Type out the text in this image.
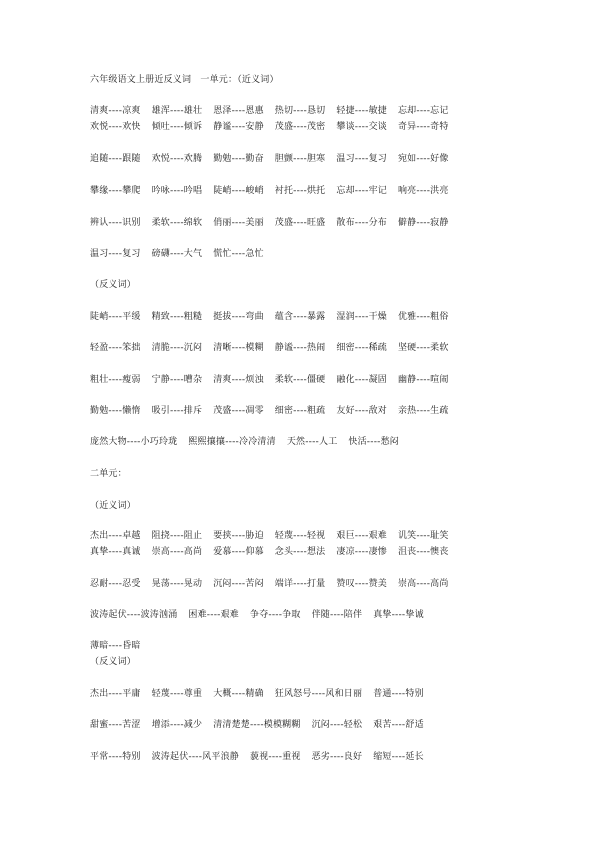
六年级语文上册近反义词　一单元：（近义词）
清爽----凉爽 雄浑----雄壮 恩泽----恩惠 热切----恳切 轻捷----敏捷 忘却----忘记
欢悦----欢快 倾吐----倾诉 静谧----安静 茂盛----茂密 攀谈----交谈 奇异----奇特
追随----跟随 欢悦----欢腾 勤勉----勤奋 胆颤----胆寒 温习----复习 宛如----好像
攀缘----攀爬 吟咏----吟唱 陡峭----峻峭 衬托----烘托 忘却----牢记 响亮----洪亮
辨认----识别 柔软----绵软 俏丽----美丽 茂盛----旺盛 散布----分布 僻静----寂静
温习----复习 磅礴----大气 慌忙----急忙
（反义词）
陡峭----平缓 精致----粗糙 挺拔----弯曲 蕴含----暴露 湿润----干燥 优雅----粗俗
轻盈----笨拙 清脆----沉闷 清晰----模糊 静谧----热闹 细密----稀疏 坚硬----柔软
粗壮----瘦弱 宁静----嘈杂 清爽----烦浊 柔软----僵硬 融化----凝固 幽静----喧闹
勤勉----懒惰 吸引----排斥 茂盛----凋零 细密----粗疏 友好----敌对 亲热----生疏
庞然大物----小巧玲珑 熙熙攘攘----冷冷清清 天然----人工 快活----愁闷
二单元：
（近义词）
杰出----卓越 阻挠----阻止 要挟----胁迫 轻蔑----轻视 艰巨----艰难 讥笑----耻笑
真挚----真诚 崇高----高尚 爱慕----仰慕 念头----想法 凄凉----凄惨 沮丧----懊丧
忍耐----忍受 晃荡----晃动 沉闷----苦闷 端详----打量 赞叹----赞美 崇高----高尚
波涛起伏----波涛汹涌 困难----艰难 争夺----争取 伴随----陪伴 真挚----挚诚
薄暗----昏暗
（反义词）
杰出----平庸 轻蔑----尊重 大概----精确 狂风怒号----风和日丽 普通----特别
甜蜜----苦涩 增添----减少 清清楚楚----模模糊糊 沉闷----轻松 艰苦----舒适
平常----特别 波涛起伏----风平浪静 藐视----重视 恶劣----良好 缩短----延长
